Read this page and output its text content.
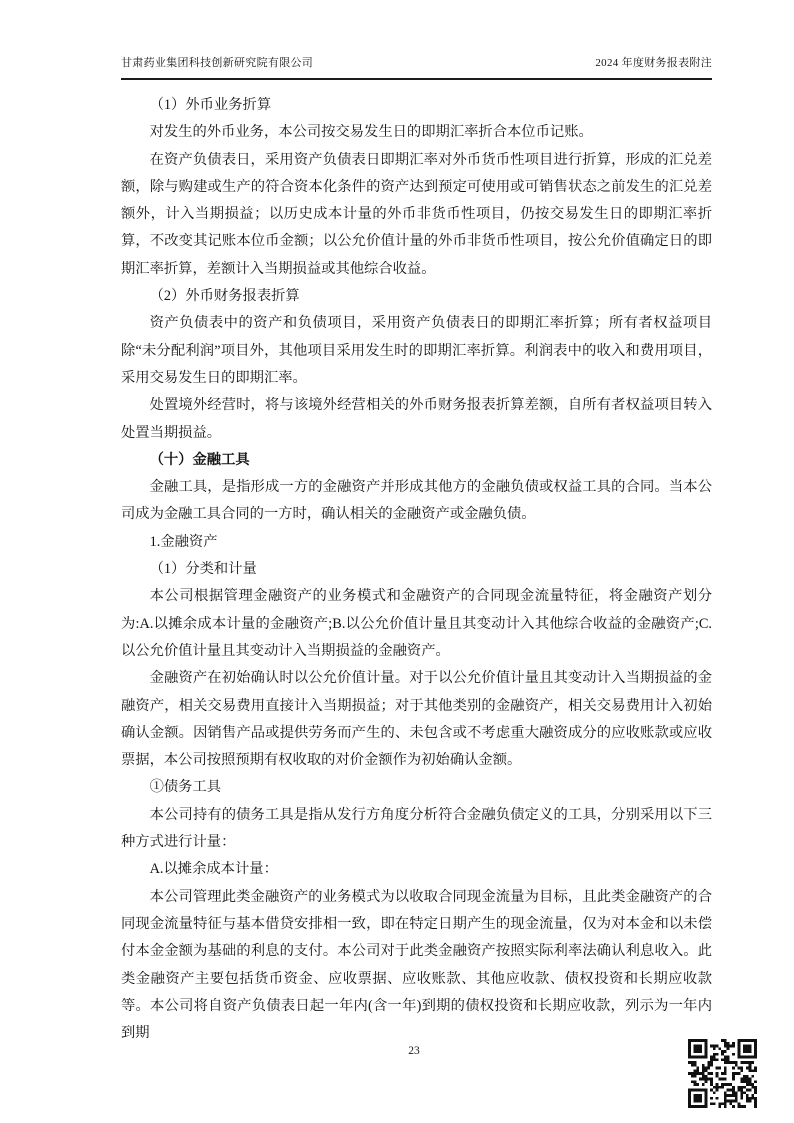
甘肃药业集团科技创新研究院有限公司	2024 年度财务报表附注

（1）外币业务折算

对发生的外币业务，本公司按交易发生日的即期汇率折合本位币记账。

在资产负债表日，采用资产负债表日即期汇率对外币货币性项目进行折算，形成的汇兑差额，除与购建或生产的符合资本化条件的资产达到预定可使用或可销售状态之前发生的汇兑差额外，计入当期损益；以历史成本计量的外币非货币性项目，仍按交易发生日的即期汇率折算，不改变其记账本位币金额；以公允价值计量的外币非货币性项目，按公允价值确定日的即期汇率折算，差额计入当期损益或其他综合收益。

（2）外币财务报表折算

资产负债表中的资产和负债项目，采用资产负债表日的即期汇率折算；所有者权益项目除“未分配利润”项目外，其他项目采用发生时的即期汇率折算。利润表中的收入和费用项目，采用交易发生日的即期汇率。

处置境外经营时，将与该境外经营相关的外币财务报表折算差额，自所有者权益项目转入处置当期损益。

（十）金融工具

金融工具，是指形成一方的金融资产并形成其他方的金融负债或权益工具的合同。当本公司成为金融工具合同的一方时，确认相关的金融资产或金融负债。

1.金融资产

（1）分类和计量

本公司根据管理金融资产的业务模式和金融资产的合同现金流量特征，将金融资产划分为:A.以摊余成本计量的金融资产;B.以公允价值计量且其变动计入其他综合收益的金融资产;C.以公允价值计量且其变动计入当期损益的金融资产。

金融资产在初始确认时以公允价值计量。对于以公允价值计量且其变动计入当期损益的金融资产，相关交易费用直接计入当期损益；对于其他类别的金融资产，相关交易费用计入初始确认金额。因销售产品或提供劳务而产生的、未包含或不考虑重大融资成分的应收账款或应收票据，本公司按照预期有权收取的对价金额作为初始确认金额。

①债务工具

本公司持有的债务工具是指从发行方角度分析符合金融负债定义的工具，分别采用以下三种方式进行计量：

A.以摊余成本计量：

本公司管理此类金融资产的业务模式为以收取合同现金流量为目标，且此类金融资产的合同现金流量特征与基本借贷安排相一致，即在特定日期产生的现金流量，仅为对本金和以未偿付本金金额为基础的利息的支付。本公司对于此类金融资产按照实际利率法确认利息收入。此类金融资产主要包括货币资金、应收票据、应收账款、其他应收款、债权投资和长期应收款等。本公司将自资产负债表日起一年内(含一年)到期的债权投资和长期应收款，列示为一年内到期

23
